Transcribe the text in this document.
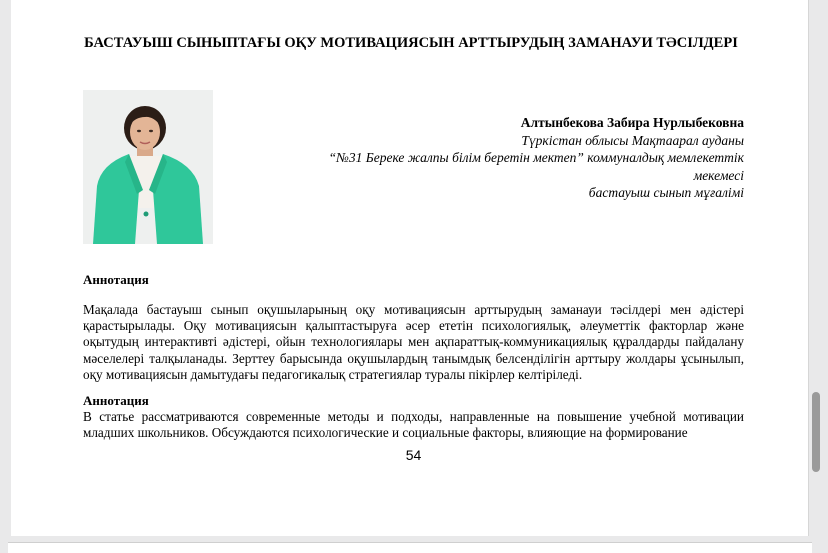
БАСТАУЫШ СЫНЫПТАҒЫ ОҚУ МОТИВАЦИЯСЫН АРТТЫРУДЫҢ ЗАМАНАУИ ТӘСІЛДЕРІ
Алтынбекова Забира Нурлыбековна
Түркістан облысы Мақтаарал ауданы
“№31 Береке жалпы білім беретін мектеп” коммуналдық мемлекеттік
мекемесі
бастауыш сынып мұғалімі
Аннотация

Мақалада бастауыш сынып оқушыларының оқу мотивациясын арттырудың заманауи тәсілдері мен әдістері қарастырылады. Оқу мотивациясын қалыптастыруға әсер ететін психологиялық, әлеуметтік факторлар және оқытудың интерактивті әдістері, ойын технологиялары мен ақпараттық-коммуникациялық құралдарды пайдалану мәселелері талқыланады. Зерттеу барысында оқушылардың танымдық белсенділігін арттыру жолдары ұсынылып, оқу мотивациясын дамытудағы педагогикалық стратегиялар туралы пікірлер келтіріледі.

Аннотация

В статье рассматриваются современные методы и подходы, направленные на повышение учебной мотивации младших школьников. Обсуждаются психологические и социальные факторы, влияющие на формирование

54
